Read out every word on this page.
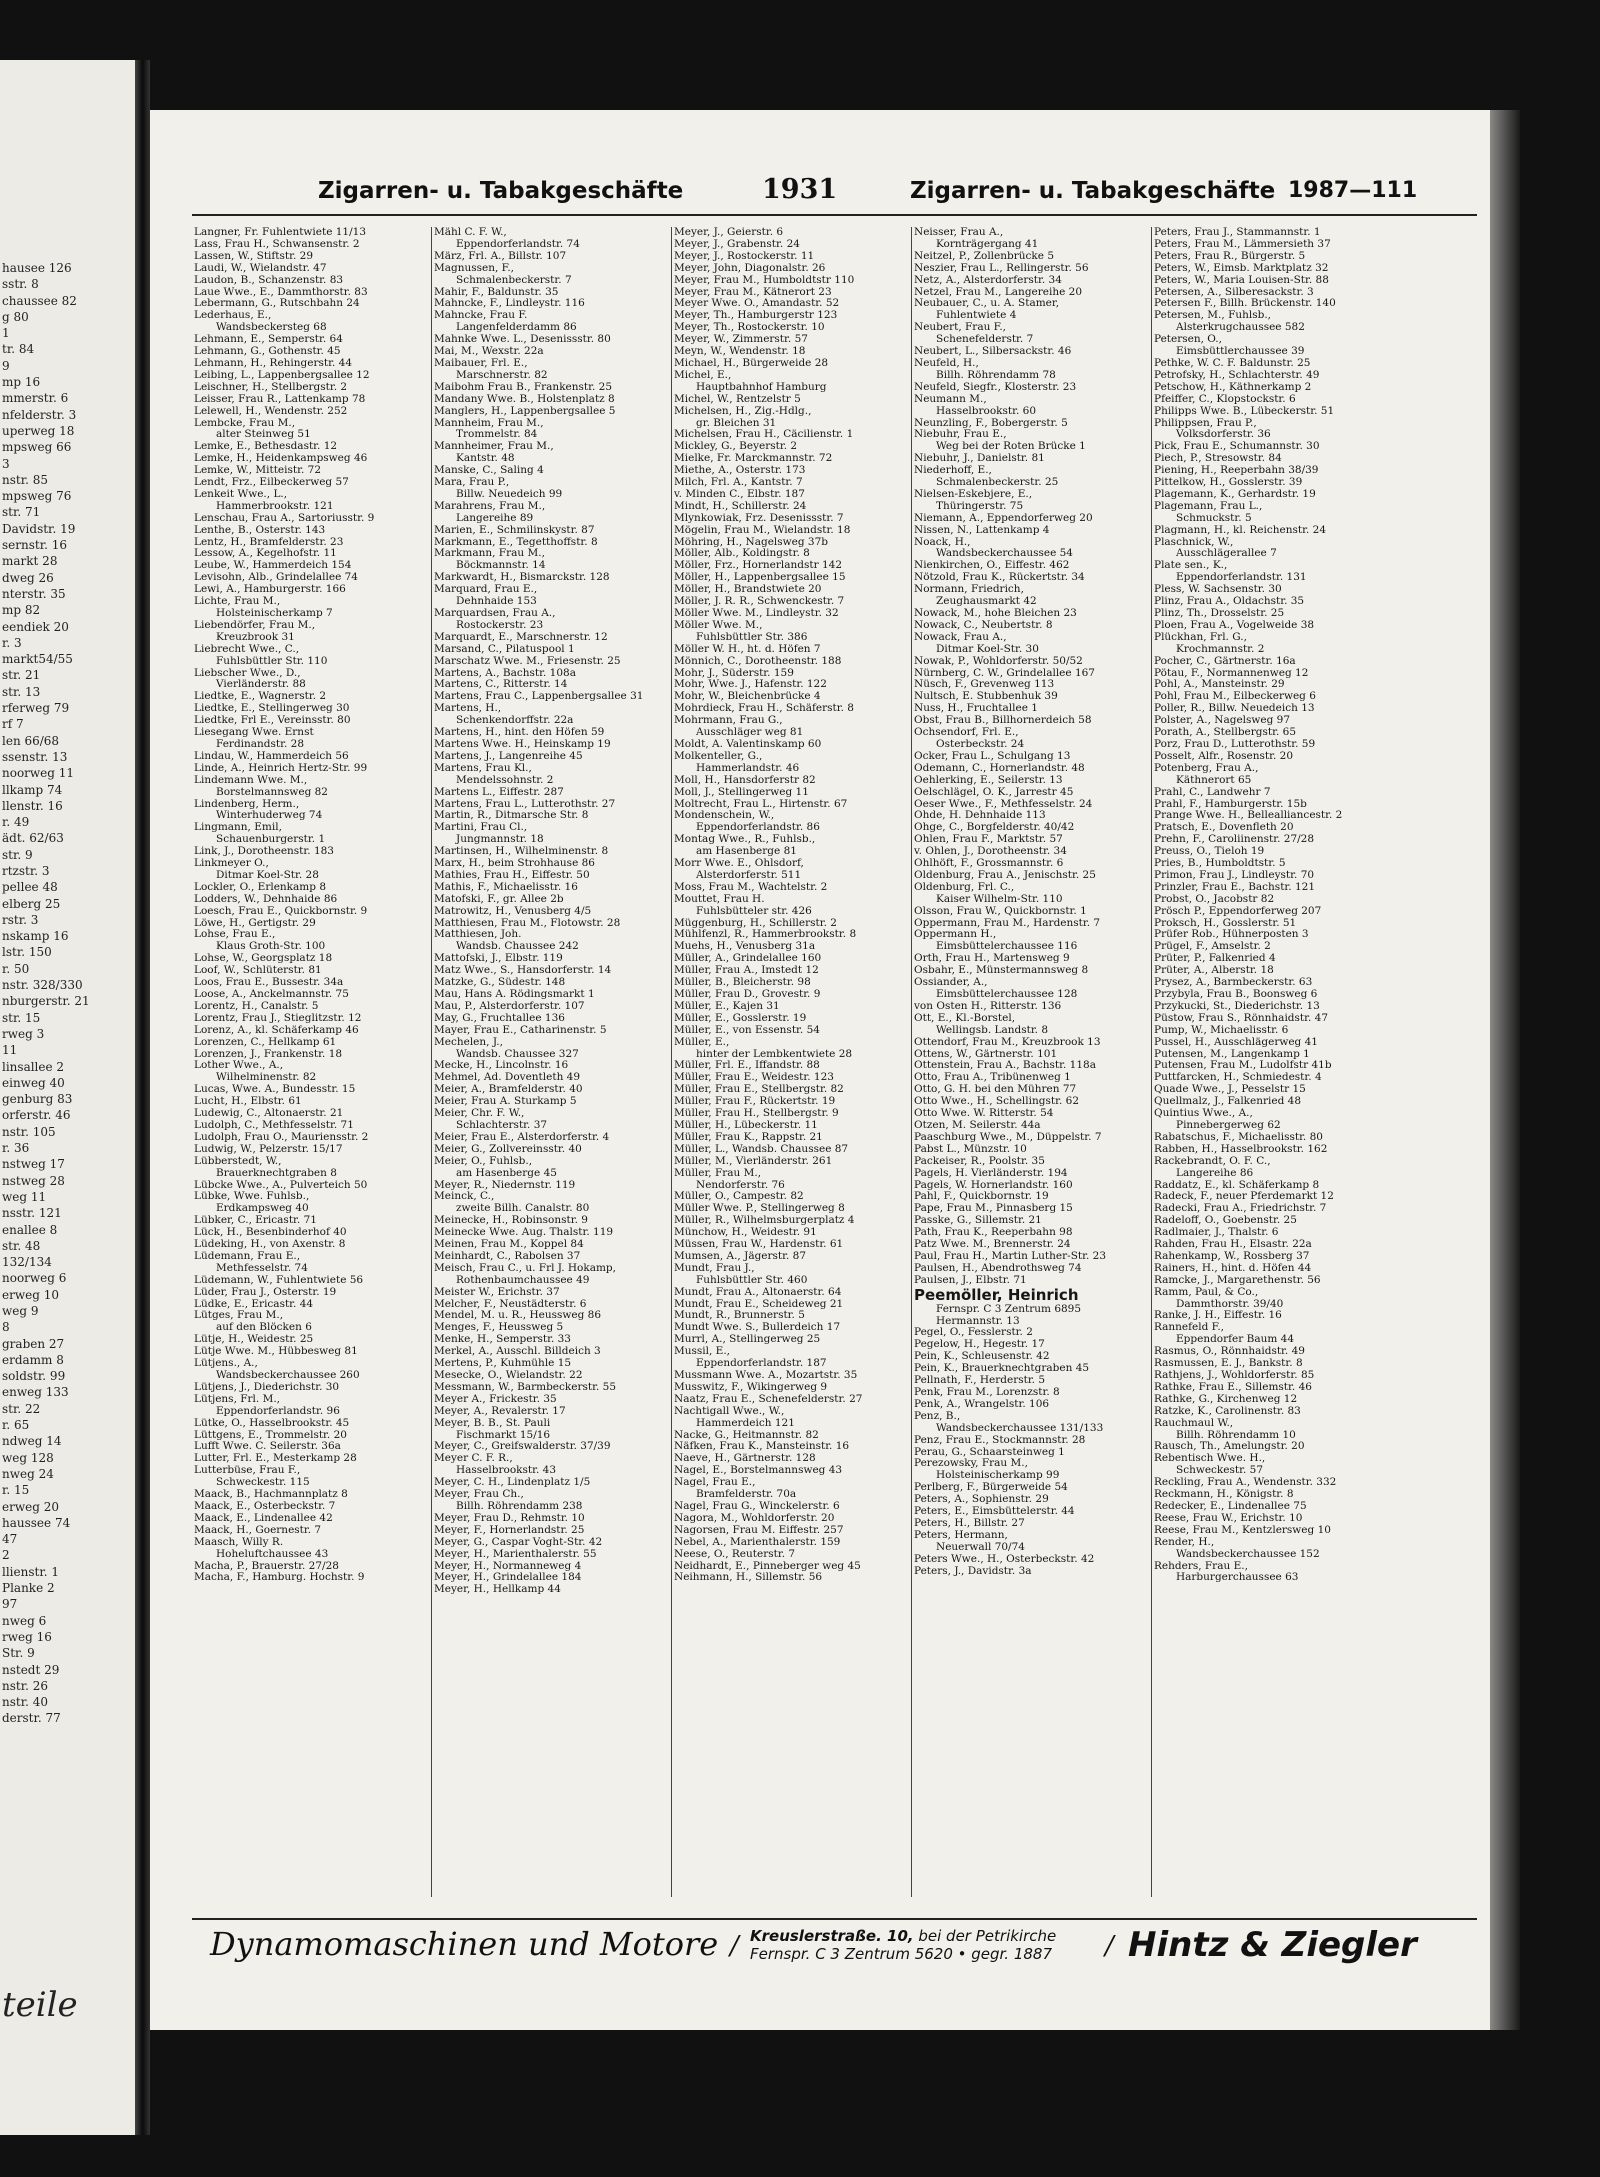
hausee 126
sstr. 8
chaussee 82
g 80
1
tr. 84
9
mp 16
mmerstr. 6
nfelderstr. 3
uperweg 18
mpsweg 66
3
nstr. 85
mpsweg 76
str. 71
Davidstr. 19
sernstr. 16
markt 28
dweg 26
nterstr. 35
mp 82
eendiek 20
r. 3
markt54/55
str. 21
str. 13
rferweg 79
rf 7
len 66/68
ssenstr. 13
noorweg 11
llkamp 74
llenstr. 16
r. 49
ädt. 62/63
str. 9
rtzstr. 3
pellee 48
elberg 25
rstr. 3
nskamp 16
lstr. 150
r. 50
nstr. 328/330
nburgerstr. 21
str. 15
rweg 3
11
linsallee 2
einweg 40
genburg 83
orferstr. 46
nstr. 105
r. 36
nstweg 17
nstweg 28
weg 11
nsstr. 121
enallee 8
str. 48
132/134
noorweg 6
erweg 10
weg 9
8
graben 27
erdamm 8
soldstr. 99
enweg 133
str. 22
r. 65
ndweg 14
weg 128
nweg 24
r. 15
erweg 20
haussee 74
47
2
llienstr. 1
Planke 2
97
nweg 6
rweg 16
Str. 9
nstedt 29
nstr. 26
nstr. 40
derstr. 77
teile
Zigarren- u. Tabakgeschäfte	1931	Zigarren- u. Tabakgeschäfte 1987—111
Langner, Fr. Fuhlentwiete 11/13
Lass, Frau H., Schwansenstr. 2
Lassen, W., Stiftstr. 29
Laudi, W., Wielandstr. 47
Laudon, B., Schanzenstr. 83
Laue Wwe., E., Dammthorstr. 83
Lebermann, G., Rutschbahn 24
Lederhaus, E.,
Wandsbeckersteg 68
Lehmann, E., Semperstr. 64
Lehmann, G., Gothenstr. 45
Lehmann, H., Rehingerstr. 44
Leibing, L., Lappenbergsallee 12
Leischner, H., Stellbergstr. 2
Leisser, Frau R., Lattenkamp 78
Lelewell, H., Wendenstr. 252
Lembcke, Frau M.,
alter Steinweg 51
Lemke, E., Bethesdastr. 12
Lemke, H., Heidenkampsweg 46
Lemke, W., Mitteistr. 72
Lendt, Frz., Eilbeckerweg 57
Lenkeit Wwe., L.,
Hammerbrookstr. 121
Lenschau, Frau A., Sartoriusstr. 9
Lenthe, B., Osterstr. 143
Lentz, H., Bramfelderstr. 23
Lessow, A., Kegelhofstr. 11
Leube, W., Hammerdeich 154
Levisohn, Alb., Grindelallee 74
Lewi, A., Hamburgerstr. 166
Lichte, Frau M.,
Holsteinischerkamp 7
Liebendörfer, Frau M.,
Kreuzbrook 31
Liebrecht Wwe., C.,
Fuhlsbüttler Str. 110
Liebscher Wwe., D.,
Vierländerstr. 88
Liedtke, E., Wagnerstr. 2
Liedtke, E., Stellingerweg 30
Liedtke, Frl E., Vereinsstr. 80
Liesegang Wwe. Ernst
Ferdinandstr. 28
Lindau, W., Hammerdeich 56
Linde, A., Heinrich Hertz-Str. 99
Lindemann Wwe. M.,
Borstelmannsweg 82
Lindenberg, Herm.,
Winterhuderweg 74
Lingmann, Emil,
Schauenburgerstr. 1
Link, J., Dorotheenstr. 183
Linkmeyer O.,
Ditmar Koel-Str. 28
Lockler, O., Erlenkamp 8
Lodders, W., Dehnhaide 86
Loesch, Frau E., Quickbornstr. 9
Löwe, H., Gertigstr. 29
Lohse, Frau E.,
Klaus Groth-Str. 100
Lohse, W., Georgsplatz 18
Loof, W., Schlüterstr. 81
Loos, Frau E., Bussestr. 34a
Loose, A., Anckelmannstr. 75
Lorentz, H., Canalstr. 5
Lorentz, Frau J., Stieglitzstr. 12
Lorenz, A., kl. Schäferkamp 46
Lorenzen, C., Hellkamp 61
Lorenzen, J., Frankenstr. 18
Lother Wwe., A.,
Wilhelminenstr. 82
Lucas, Wwe. A., Bundesstr. 15
Lucht, H., Elbstr. 61
Ludewig, C., Altonaerstr. 21
Ludolph, C., Methfesselstr. 71
Ludolph, Frau O., Mauriensstr. 2
Ludwig, W., Pelzerstr. 15/17
Lübberstedt, W.,
Brauerknechtgraben 8
Lübcke Wwe., A., Pulverteich 50
Lübke, Wwe. Fuhlsb.,
Erdkampsweg 40
Lübker, C., Ericastr. 71
Lück, H., Besenbinderhof 40
Lüdeking, H., von Axenstr. 8
Lüdemann, Frau E.,
Methfesselstr. 74
Lüdemann, W., Fuhlentwiete 56
Lüder, Frau J., Osterstr. 19
Lüdke, E., Ericastr. 44
Lütges, Frau M.,
auf den Blöcken 6
Lütje, H., Weidestr. 25
Lütje Wwe. M., Hübbesweg 81
Lütjens., A.,
Wandsbeckerchaussee 260
Lütjens, J., Diederichstr. 30
Lütjens, Frl. M.,
Eppendorferlandstr. 96
Lütke, O., Hasselbrookstr. 45
Lüttgens, E., Trommelstr. 20
Lufft Wwe. C. Seilerstr. 36a
Lutter, Frl. E., Mesterkamp 28
Lutterbüse, Frau F.,
Schweckestr. 115
Maack, B., Hachmannplatz 8
Maack, E., Osterbeckstr. 7
Maack, E., Lindenallee 42
Maack, H., Goernestr. 7
Maasch, Willy R.
Hoheluftchaussee 43
Macha, P., Brauerstr. 27/28
Macha, F., Hamburg. Hochstr. 9
Mähl C. F. W.,
Eppendorferlandstr. 74
März, Frl. A., Billstr. 107
Magnussen, F.,
Schmalenbeckerstr. 7
Mahir, F., Baldunstr. 35
Mahncke, F., Lindleystr. 116
Mahncke, Frau F.
Langenfelderdamm 86
Mahnke Wwe. L., Desenissstr. 80
Mai, M., Wexstr. 22a
Maibauer, Frl. E.,
Marschnerstr. 82
Maibohm Frau B., Frankenstr. 25
Mandany Wwe. B., Holstenplatz 8
Manglers, H., Lappenbergsallee 5
Mannheim, Frau M.,
Trommelstr. 84
Mannheimer, Frau M.,
Kantstr. 48
Manske, C., Saling 4
Mara, Frau P.,
Billw. Neuedeich 99
Marahrens, Frau M.,
Langereihe 89
Marien, E., Schmilinskystr. 87
Markmann, E., Tegetthoffstr. 8
Markmann, Frau M.,
Böckmannstr. 14
Markwardt, H., Bismarckstr. 128
Marquard, Frau E.,
Dehnhaide 153
Marquardsen, Frau A.,
Rostockerstr. 23
Marquardt, E., Marschnerstr. 12
Marsand, C., Pilatuspool 1
Marschatz Wwe. M., Friesenstr. 25
Martens, A., Bachstr. 108a
Martens, C., Ritterstr. 14
Martens, Frau C., Lappenbergsallee 31
Martens, H.,
Schenkendorffstr. 22a
Martens, H., hint. den Höfen 59
Martens Wwe. H., Heinskamp 19
Martens, J., Langenreihe 45
Martens, Frau Kl.,
Mendelssohnstr. 2
Martens L., Eiffestr. 287
Martens, Frau L., Lutterothstr. 27
Martin, R., Ditmarsche Str. 8
Martini, Frau Cl.,
Jungmannstr. 18
Martinsen, H., Wilhelminenstr. 8
Marx, H., beim Strohhause 86
Mathies, Frau H., Eiffestr. 50
Mathis, F., Michaelisstr. 16
Matofski, F., gr. Allee 2b
Matrowitz, H., Venusberg 4/5
Matthiesen, Frau M., Flotowstr. 28
Matthiesen, Joh.
Wandsb. Chaussee 242
Mattofski, J., Elbstr. 119
Matz Wwe., S., Hansdorferstr. 14
Matzke, G., Südestr. 148
Mau, Hans A. Rödingsmarkt 1
Mau, P., Alsterdorferstr. 107
May, G., Fruchtallee 136
Mayer, Frau E., Catharinenstr. 5
Mechelen, J.,
Wandsb. Chaussee 327
Mecke, H., Lincolnstr. 16
Mehmel, Ad. Doventleth 49
Meier, A., Bramfelderstr. 40
Meier, Frau A. Sturkamp 5
Meier, Chr. F. W.,
Schlachterstr. 37
Meier, Frau E., Alsterdorferstr. 4
Meier, G., Zollvereinsstr. 40
Meier, O., Fuhlsb.,
am Hasenberge 45
Meyer, R., Niedernstr. 119
Meinck, C.,
zweite Billh. Canalstr. 80
Meinecke, H., Robinsonstr. 9
Meinecke Wwe. Aug. Thalstr. 119
Meinen, Frau M., Koppel 84
Meinhardt, C., Rabolsen 37
Meisch, Frau C., u. Frl J. Hokamp,
Rothenbaumchaussee 49
Meister W., Erichstr. 37
Melcher, F., Neustädterstr. 6
Mendel, M. u. R., Heussweg 86
Menges, F., Heussweg 5
Menke, H., Semperstr. 33
Merkel, A., Ausschl. Billdeich 3
Mertens, P., Kuhmühle 15
Mesecke, O., Wielandstr. 22
Messmann, W., Barmbeckerstr. 55
Meyer A., Frickestr. 35
Meyer, A., Revalerstr. 17
Meyer, B. B., St. Pauli
Fischmarkt 15/16
Meyer, C., Greifswalderstr. 37/39
Meyer C. F. R.,
Hasselbrookstr. 43
Meyer, C. H., Lindenplatz 1/5
Meyer, Frau Ch.,
Billh. Röhrendamm 238
Meyer, Frau D., Rehmstr. 10
Meyer, F., Hornerlandstr. 25
Meyer, G., Caspar Voght-Str. 42
Meyer, H., Marienthalerstr. 55
Meyer, H., Normanneweg 4
Meyer, H., Grindelallee 184
Meyer, H., Hellkamp 44
Meyer, J., Geierstr. 6
Meyer, J., Grabenstr. 24
Meyer, J., Rostockerstr. 11
Meyer, John, Diagonalstr. 26
Meyer, Frau M., Humboldtstr 110
Meyer, Frau M., Kätnerort 23
Meyer Wwe. O., Amandastr. 52
Meyer, Th., Hamburgerstr 123
Meyer, Th., Rostockerstr. 10
Meyer, W., Zimmerstr. 57
Meyn, W., Wendenstr. 18
Michael, H., Bürgerweide 28
Michel, E.,
Hauptbahnhof Hamburg
Michel, W., Rentzelstr 5
Michelsen, H., Zig.-Hdlg.,
gr. Bleichen 31
Michelsen, Frau H., Cäcilienstr. 1
Mickley, G., Beyerstr. 2
Mielke, Fr. Marckmannstr. 72
Miethe, A., Osterstr. 173
Milch, Frl. A., Kantstr. 7
v. Minden C., Elbstr. 187
Mindt, H., Schillerstr. 24
Mlynkowiak, Frz. Desenissstr. 7
Mögelin, Frau M., Wielandstr. 18
Möhring, H., Nagelsweg 37b
Möller, Alb., Koldingstr. 8
Möller, Frz., Hornerlandstr 142
Möller, H., Lappenbergsallee 15
Möller, H., Brandstwiete 20
Möller, J. R. R., Schwenckestr. 7
Möller Wwe. M., Lindleystr. 32
Möller Wwe. M.,
Fuhlsbüttler Str. 386
Möller W. H., ht. d. Höfen 7
Mönnich, C., Dorotheenstr. 188
Mohr, J., Süderstr. 159
Mohr, Wwe. J., Hafenstr. 122
Mohr, W., Bleichenbrücke 4
Mohrdieck, Frau H., Schäferstr. 8
Mohrmann, Frau G.,
Ausschläger weg 81
Moldt, A. Valentinskamp 60
Molkenteller, G.,
Hammerlandstr. 46
Moll, H., Hansdorferstr 82
Moll, J., Stellingerweg 11
Moltrecht, Frau L., Hirtenstr. 67
Mondenschein, W.,
Eppendorferlandstr. 86
Montag Wwe., R., Fuhlsb.,
am Hasenberge 81
Morr Wwe. E., Ohlsdorf,
Alsterdorferstr. 511
Moss, Frau M., Wachtelstr. 2
Mouttet, Frau H.
Fuhlsbütteler str. 426
Müggenburg, H., Schillerstr. 2
Mühlfenzl, R., Hammerbrookstr. 8
Muehs, H., Venusberg 31a
Müller, A., Grindelallee 160
Müller, Frau A., Imstedt 12
Müller, B., Bleicherstr. 98
Müller, Frau D., Grovestr. 9
Müller, E., Kajen 31
Müller, E., Gosslerstr. 19
Müller, E., von Essenstr. 54
Müller, E.,
hinter der Lembkentwiete 28
Müller, Frl. E., Iffandstr. 88
Müller, Frau E., Weidestr. 123
Müller, Frau E., Stellbergstr. 82
Müller, Frau F., Rückertstr. 19
Müller, Frau H., Stellbergstr. 9
Müller, H., Lübeckerstr. 11
Müller, Frau K., Rappstr. 21
Müller, L., Wandsb. Chaussee 87
Müller, M., Vierländerstr. 261
Müller, Frau M.,
Nendorferstr. 76
Müller, O., Campestr. 82
Müller Wwe. P., Stellingerweg 8
Müller, R., Wilhelmsburgerplatz 4
Münchow, H., Weidestr. 91
Müssen, Frau W., Hardenstr. 61
Mumsen, A., Jägerstr. 87
Mundt, Frau J.,
Fuhlsbüttler Str. 460
Mundt, Frau A., Altonaerstr. 64
Mundt, Frau E., Scheideweg 21
Mundt, R., Brunnerstr. 5
Mundt Wwe. S., Bullerdeich 17
Murrl, A., Stellingerweg 25
Mussil, E.,
Eppendorferlandstr. 187
Mussmann Wwe. A., Mozartstr. 35
Musswitz, F., Wikingerweg 9
Naatz, Frau E., Schenefelderstr. 27
Nachtigall Wwe., W.,
Hammerdeich 121
Nacke, G., Heitmannstr. 82
Näfken, Frau K., Mansteinstr. 16
Naeve, H., Gärtnerstr. 128
Nagel, E., Borstelmannsweg 43
Nagel, Frau E.,
Bramfelderstr. 70a
Nagel, Frau G., Winckelerstr. 6
Nagora, M., Wohldorferstr. 20
Nagorsen, Frau M. Eiffestr. 257
Nebel, A., Marienthalerstr. 159
Neese, O., Reuterstr. 7
Neidhardt, E., Pinneberger weg 45
Neihmann, H., Sillemstr. 56
Neisser, Frau A.,
Kornträgergang 41
Neitzel, P., Zollenbrücke 5
Neszier, Frau L., Rellingerstr. 56
Netz, A., Alsterdorferstr. 34
Netzel, Frau M., Langereihe 20
Neubauer, C., u. A. Stamer,
Fuhlentwiete 4
Neubert, Frau F.,
Schenefelderstr. 7
Neubert, L., Silbersackstr. 46
Neufeld, H.,
Billh. Röhrendamm 78
Neufeld, Siegfr., Klosterstr. 23
Neumann M.,
Hasselbrookstr. 60
Neunzling, F., Bobergerstr. 5
Niebuhr, Frau E.,
Weg bei der Roten Brücke 1
Niebuhr, J., Danielstr. 81
Niederhoff, E.,
Schmalenbeckerstr. 25
Nielsen-Eskebjere, E.,
Thüringerstr. 75
Niemann, A., Eppendorferweg 20
Nissen, N., Lattenkamp 4
Noack, H.,
Wandsbeckerchaussee 54
Nienkirchen, O., Eiffestr. 462
Nötzold, Frau K., Rückertstr. 34
Normann, Friedrich,
Zeughausmarkt 42
Nowack, M., hohe Bleichen 23
Nowack, C., Neubertstr. 8
Nowack, Frau A.,
Ditmar Koel-Str. 30
Nowak, P., Wohldorferstr. 50/52
Nürnberg, C. W., Grindelallee 167
Nüsch, F., Grevenweg 113
Nultsch, E. Stubbenhuk 39
Nuss, H., Fruchtallee 1
Obst, Frau B., Billhornerdeich 58
Ochsendorf, Frl. E.,
Osterbeckstr. 24
Ocker, Frau L., Schulgang 13
Odemann, C., Hornerlandstr. 48
Oehlerking, E., Seilerstr. 13
Oelschlägel, O. K., Jarrestr 45
Oeser Wwe., F., Methfesselstr. 24
Ohde, H. Dehnhaide 113
Ohge, C., Borgfelderstr. 40/42
Ohlen, Frau F., Marktstr. 57
v. Ohlen, J., Dorotheenstr. 34
Ohlhöft, F., Grossmannstr. 6
Oldenburg, Frau A., Jenischstr. 25
Oldenburg, Frl. C.,
Kaiser Wilhelm-Str. 110
Olsson, Frau W., Quickbornstr. 1
Oppermann, Frau M., Hardenstr. 7
Oppermann H.,
Eimsbüttelerchaussee 116
Orth, Frau H., Martensweg 9
Osbahr, E., Münstermannsweg 8
Ossiander, A.,
Eimsbüttelerchaussee 128
von Osten H., Ritterstr. 136
Ott, E., Kl.-Borstel,
Wellingsb. Landstr. 8
Ottendorf, Frau M., Kreuzbrook 13
Ottens, W., Gärtnerstr. 101
Ottenstein, Frau A., Bachstr. 118a
Otto, Frau A., Tribünenweg 1
Otto, G. H. bei den Mühren 77
Otto Wwe., H., Schellingstr. 62
Otto Wwe. W. Ritterstr. 54
Otzen, M. Seilerstr. 44a
Paaschburg Wwe., M., Düppelstr. 7
Pabst L., Münzstr. 10
Packeiser, R., Poolstr. 35
Pagels, H. Vierländerstr. 194
Pagels, W. Hornerlandstr. 160
Pahl, F., Quickbornstr. 19
Pape, Frau M., Pinnasberg 15
Passke, G., Sillemstr. 21
Path, Frau K., Reeperbahn 98
Patz Wwe. M., Brennerstr. 24
Paul, Frau H., Martin Luther-Str. 23
Paulsen, H., Abendrothsweg 74
Paulsen, J., Elbstr. 71
Peemöller, Heinrich
Fernspr. C 3 Zentrum 6895
Hermannstr. 13
Pegel, O., Fesslerstr. 2
Pegelow, H., Hegestr. 17
Pein, K., Schleusenstr. 42
Pein, K., Brauerknechtgraben 45
Pellnath, F., Herderstr. 5
Penk, Frau M., Lorenzstr. 8
Penk, A., Wrangelstr. 106
Penz, B.,
Wandsbeckerchaussee 131/133
Penz, Frau E., Stockmannstr. 28
Perau, G., Schaarsteinweg 1
Perezowsky, Frau M.,
Holsteinischerkamp 99
Perlberg, F., Bürgerweide 54
Peters, A., Sophienstr. 29
Peters, E., Eimsbüttelerstr. 44
Peters, H., Billstr. 27
Peters, Hermann,
Neuerwall 70/74
Peters Wwe., H., Osterbeckstr. 42
Peters, J., Davidstr. 3a
Peters, Frau J., Stammannstr. 1
Peters, Frau M., Lämmersieth 37
Peters, Frau R., Bürgerstr. 5
Peters, W., Eimsb. Marktplatz 32
Peters, W., Maria Louisen-Str. 88
Petersen, A., Silberesackstr. 3
Petersen F., Billh. Brückenstr. 140
Petersen, M., Fuhlsb.,
Alsterkrugchaussee 582
Petersen, O.,
Eimsbüttlerchaussee 39
Pethke, W. C. F. Baldunstr. 25
Petrofsky, H., Schlachterstr. 49
Petschow, H., Käthnerkamp 2
Pfeiffer, C., Klopstockstr. 6
Philipps Wwe. B., Lübeckerstr. 51
Philippsen, Frau P.,
Volksdorferstr. 36
Pick, Frau E., Schumannstr. 30
Piech, P., Stresowstr. 84
Piening, H., Reeperbahn 38/39
Pittelkow, H., Gosslerstr. 39
Plagemann, K., Gerhardstr. 19
Plagemann, Frau L.,
Schmuckstr. 5
Plagmann, H., kl. Reichenstr. 24
Plaschnick, W.,
Ausschlägerallee 7
Plate sen., K.,
Eppendorferlandstr. 131
Pless, W. Sachsenstr. 30
Plinz, Frau A., Oldachstr. 35
Plinz, Th., Drosselstr. 25
Ploen, Frau A., Vogelweide 38
Plückhan, Frl. G.,
Krochmannstr. 2
Pocher, C., Gärtnerstr. 16a
Pötau, F., Normannenweg 12
Pohl, A., Mansteinstr. 29
Pohl, Frau M., Eilbeckerweg 6
Poller, R., Billw. Neuedeich 13
Polster, A., Nagelsweg 97
Porath, A., Stellbergstr. 65
Porz, Frau D., Lutterothstr. 59
Posselt, Alfr., Rosenstr. 20
Potenberg, Frau A.,
Käthnerort 65
Prahl, C., Landwehr 7
Prahl, F., Hamburgerstr. 15b
Prange Wwe. H., Bellealliancestr. 2
Pratsch, E., Dovenfleth 20
Prehn, F., Caroliinenstr. 27/28
Preuss, O., Tieloh 19
Pries, B., Humboldtstr. 5
Primon, Frau J., Lindleystr. 70
Prinzler, Frau E., Bachstr. 121
Probst, O., Jacobstr 82
Prösch P., Eppendorferweg 207
Proksch, H., Gosslerstr. 51
Prüfer Rob., Hühnerposten 3
Prügel, F., Amselstr. 2
Prüter, P., Falkenried 4
Prüter, A., Alberstr. 18
Prysez, A., Barmbeckerstr. 63
Przybyla, Frau B., Boonsweg 6
Przykucki, St., Diederichstr. 13
Püstow, Frau S., Rönnhaidstr. 47
Pump, W., Michaelisstr. 6
Pussel, H., Ausschlägerweg 41
Putensen, M., Langenkamp 1
Putensen, Frau M., Ludolfstr 41b
Puttfarcken, H., Schmiedestr. 4
Quade Wwe., J., Pesselstr 15
Quellmalz, J., Falkenried 48
Quintius Wwe., A.,
Pinnebergerweg 62
Rabatschus, F., Michaelisstr. 80
Rabben, H., Hasselbrookstr. 162
Rackebrandt, O. F. C.,
Langereihe 86
Raddatz, E., kl. Schäferkamp 8
Radeck, F., neuer Pferdemarkt 12
Radecki, Frau A., Friedrichstr. 7
Radeloff, O., Goebenstr. 25
Radlmaier, J., Thalstr. 6
Rahden, Frau H., Elsastr. 22a
Rahenkamp, W., Rossberg 37
Rainers, H., hint. d. Höfen 44
Ramcke, J., Margarethenstr. 56
Ramm, Paul, & Co.,
Dammthorstr. 39/40
Ranke, J. H., Eiffestr. 16
Rannefeld F.,
Eppendorfer Baum 44
Rasmus, O., Rönnhaidstr. 49
Rasmussen, E. J., Bankstr. 8
Rathjens, J., Wohldorferstr. 85
Rathke, Frau E., Sillemstr. 46
Rathke, G., Kirchenweg 12
Ratzke, K., Carolinenstr. 83
Rauchmaul W.,
Billh. Röhrendamm 10
Rausch, Th., Amelungstr. 20
Rebentisch Wwe. H.,
Schweckestr. 57
Reckling, Frau A., Wendenstr. 332
Reckmann, H., Königstr. 8
Redecker, E., Lindenallee 75
Reese, Frau W., Erichstr. 10
Reese, Frau M., Kentzlersweg 10
Render, H.,
Wandsbeckerchaussee 152
Rehders, Frau E.,
Harburgerchaussee 63
Dynamomaschinen und Motore / Kreuslerstraße. 10, bei der Petrikirche
Fernspr. C 3 Zentrum 5620 • gegr. 1887 / Hintz & Ziegler
